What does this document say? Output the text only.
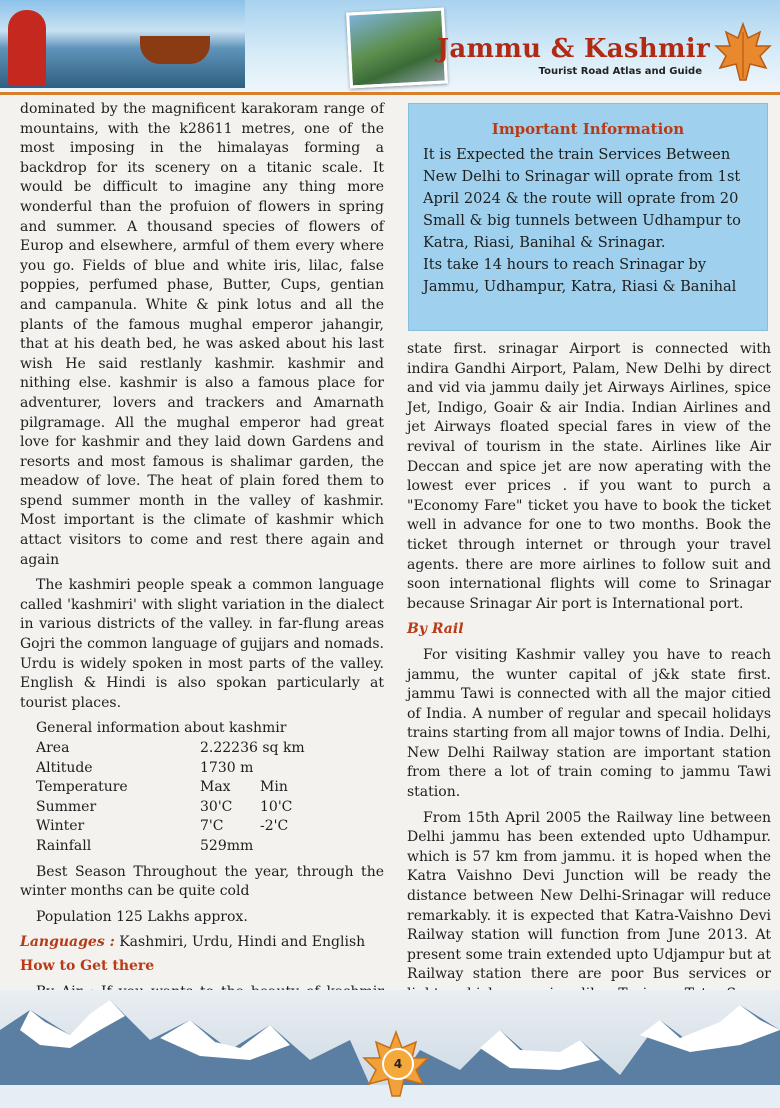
Jammu & Kashmir
Tourist Road Atlas and Guide

dominated by the magnificent karakoram range of mountains, with the k28611 metres, one of the most imposing in the himalayas forming a backdrop for its scenery on a titanic scale. It would be difficult to imagine any thing more wonderful than the profuion of flowers in spring and summer. A thousand species of flowers of Europ and elsewhere, armful of them every where you go. Fields of blue and white iris, lilac, false poppies, perfumed phase, Butter, Cups, gentian and campanula. White & pink lotus and all the plants of the famous mughal emperor jahangir, that at his death bed, he was asked about his last wish He said restlanly kashmir. kashmir and nithing else. kashmir is also a famous place for adventurer, lovers and trackers and Amarnath pilgramage. All the mughal emperor had great love for kashmir and they laid down Gardens and resorts and most famous is shalimar garden, the meadow of love. The heat of plain fored them to spend summer month in the valley of kashmir. Most important is the climate of kashmir which attact visitors to come and rest there again and again

The kashmiri people speak a common language called 'kashmiri' with slight variation in the dialect in various districts of the valley. in far-flung areas Gojri the common language of gujjars and nomads. Urdu is widely spoken in most parts of the valley. English & Hindi is also spokan particularly at tourist places.

General information about kashmir

Area	2.22236 sq km	
Altitude	1730 m	
Temperature	Max	Min
Summer	30'C	10'C
Winter	7'C	-2'C
Rainfall	529mm	

Best Season Throughout the year, through the winter months can be quite cold

Population 125 Lakhs approx.

Languages : Kashmiri, Urdu, Hindi and English

How to Get there

Important Information
It is Expected the train Services Between New Delhi to Srinagar will oprate from 1st April 2024 & the route will oprate from 20 Small & big tunnels between Udhampur to Katra, Riasi, Banihal & Srinagar.
Its take 14 hours to reach Srinagar by Jammu, Udhampur, Katra, Riasi & Banihal

state first. srinagar Airport is connected with indira Gandhi Airport, Palam, New Delhi by direct and vid via jammu daily jet Airways Airlines, spice Jet, Indigo, Goair & air India. Indian Airlines and jet Airways floated special fares in view of the revival of tourism in the state. Airlines like Air Deccan and spice jet are now aperating with the lowest ever prices . if you want to purch a "Economy Fare" ticket you have to book the ticket well in advance for one to two months. Book the ticket through internet or through your travel agents. there are more airlines to follow suit and soon international flights will come to Srinagar because Srinagar Air port is International port.

By Rail

For visiting Kashmir valley you have to reach jammu, the wunter capital of j&k state first. jammu Tawi is connected with all the major citied of India. A number of regular and specail holidays trains starting from all major towns of India. Delhi, New Delhi Railway station are important station from there a lot of train coming to jammu Tawi station.

From 15th April 2005 the Railway line between Delhi jammu has been extended upto Udhampur. which is 57 km from jammu. it is hoped when the Katra Vaishno Devi Junction will be ready the distance between New Delhi-Srinagar will reduce remarkably. it is expected that Katra-Vaishno Devi Railway station will function from June 2013. At present some train extended upto Udjampur but at Railway station there are poor Bus services or

4
